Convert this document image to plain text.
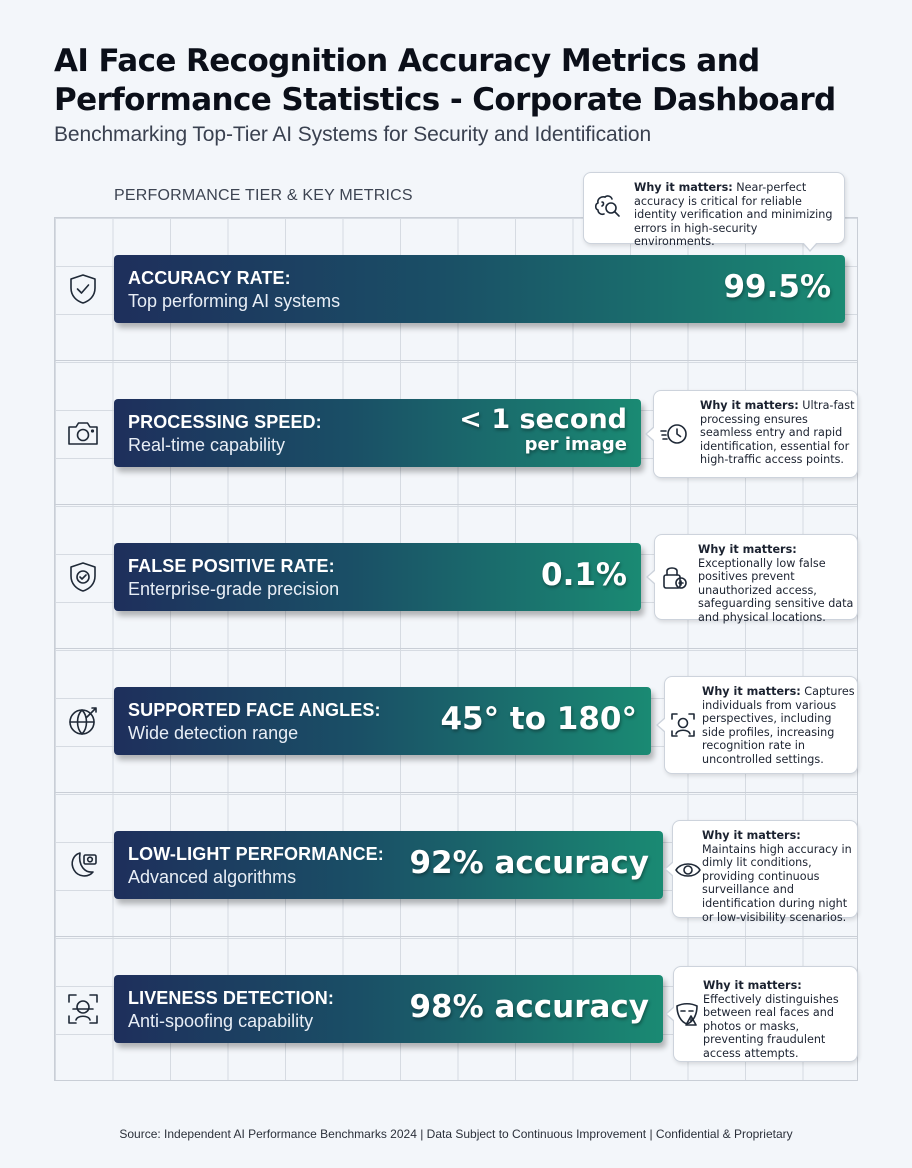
AI Face Recognition Accuracy Metrics and Performance Statistics - Corporate Dashboard
Benchmarking Top-Tier AI Systems for Security and Identification
PERFORMANCE TIER & KEY METRICS
ACCURACY RATE:
Top performing AI systems	99.5%
Why it matters: Near-perfect accuracy is critical for reliable identity verification and minimizing errors in high-security environments.
PROCESSING SPEED:
Real-time capability
< 1 second
per image
Why it matters: Ultra-fast processing ensures seamless entry and rapid identification, essential for high-traffic access points.
FALSE POSITIVE RATE:
Enterprise-grade precision	0.1%
Why it matters: Exceptionally low false positives prevent unauthorized access, safeguarding sensitive data and physical locations.
SUPPORTED FACE ANGLES:
Wide detection range	45° to 180°
Why it matters: Captures individuals from various perspectives, including side profiles, increasing recognition rate in uncontrolled settings.
LOW-LIGHT PERFORMANCE:
Advanced algorithms	92% accuracy
Why it matters: Maintains high accuracy in dimly lit conditions, providing continuous surveillance and identification during night or low-visibility scenarios.
LIVENESS DETECTION:
Anti-spoofing capability	98% accuracy
Why it matters: Effectively distinguishes between real faces and photos or masks, preventing fraudulent access attempts.
Source: Independent AI Performance Benchmarks 2024 | Data Subject to Continuous Improvement | Confidential & Proprietary
